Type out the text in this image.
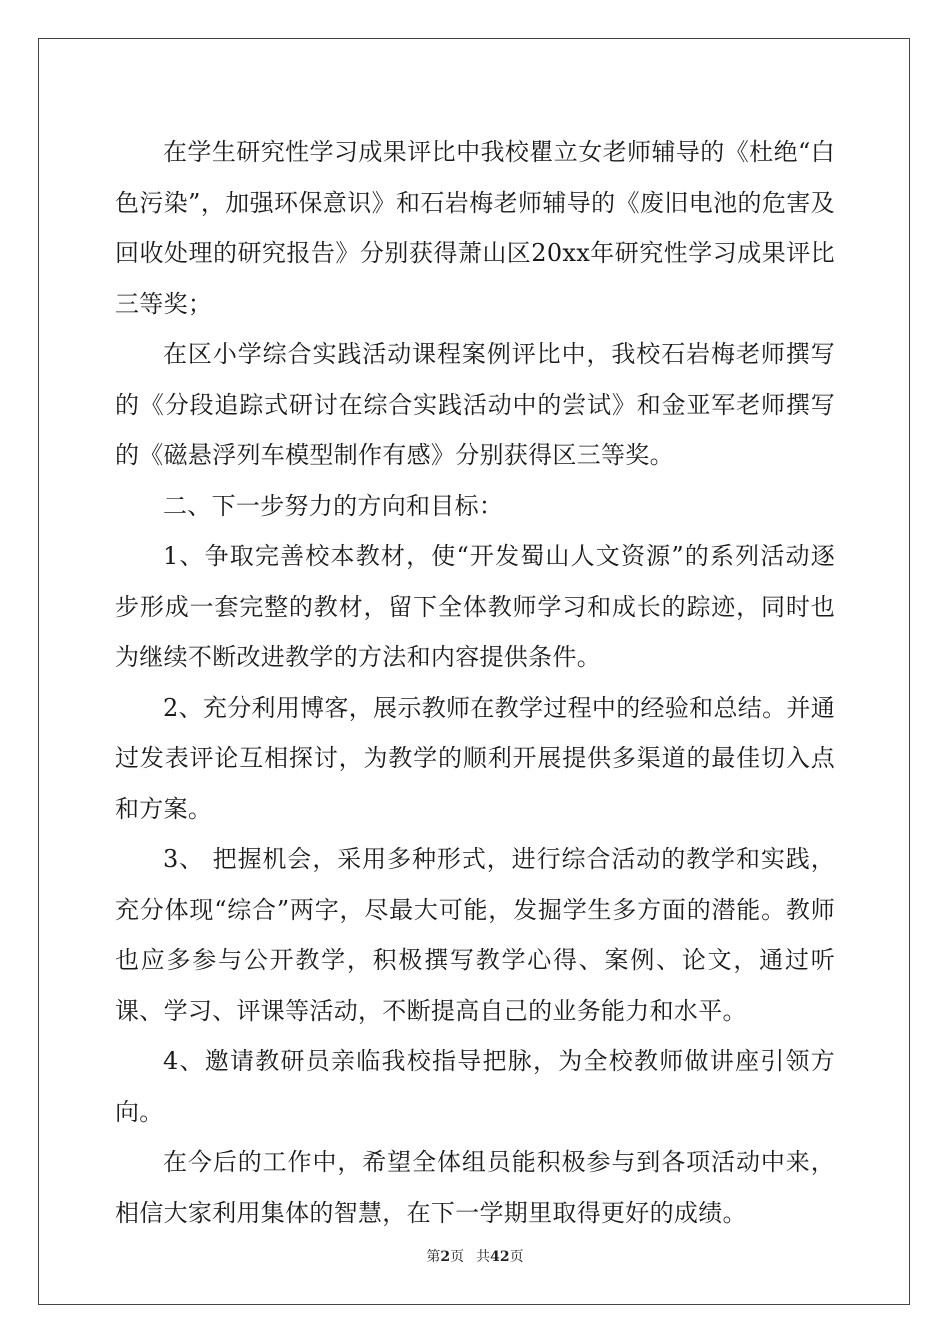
在学生研究性学习成果评比中我校瞿立女老师辅导的《杜绝“白色污染”，加强环保意识》和石岩梅老师辅导的《废旧电池的危害及回收处理的研究报告》分别获得萧山区20xx年研究性学习成果评比三等奖；

在区小学综合实践活动课程案例评比中，我校石岩梅老师撰写的《分段追踪式研讨在综合实践活动中的尝试》和金亚军老师撰写的《磁悬浮列车模型制作有感》分别获得区三等奖。

二、下一步努力的方向和目标：

1、争取完善校本教材，使“开发蜀山人文资源”的系列活动逐步形成一套完整的教材，留下全体教师学习和成长的踪迹，同时也为继续不断改进教学的方法和内容提供条件。

2、充分利用博客，展示教师在教学过程中的经验和总结。并通过发表评论互相探讨，为教学的顺利开展提供多渠道的最佳切入点和方案。

3、 把握机会，采用多种形式，进行综合活动的教学和实践，充分体现“综合”两字，尽最大可能，发掘学生多方面的潜能。教师也应多参与公开教学，积极撰写教学心得、案例、论文，通过听课、学习、评课等活动，不断提高自己的业务能力和水平。

4、邀请教研员亲临我校指导把脉，为全校教师做讲座引领方向。

在今后的工作中，希望全体组员能积极参与到各项活动中来，相信大家利用集体的智慧，在下一学期里取得更好的成绩。

第2页 共42页
